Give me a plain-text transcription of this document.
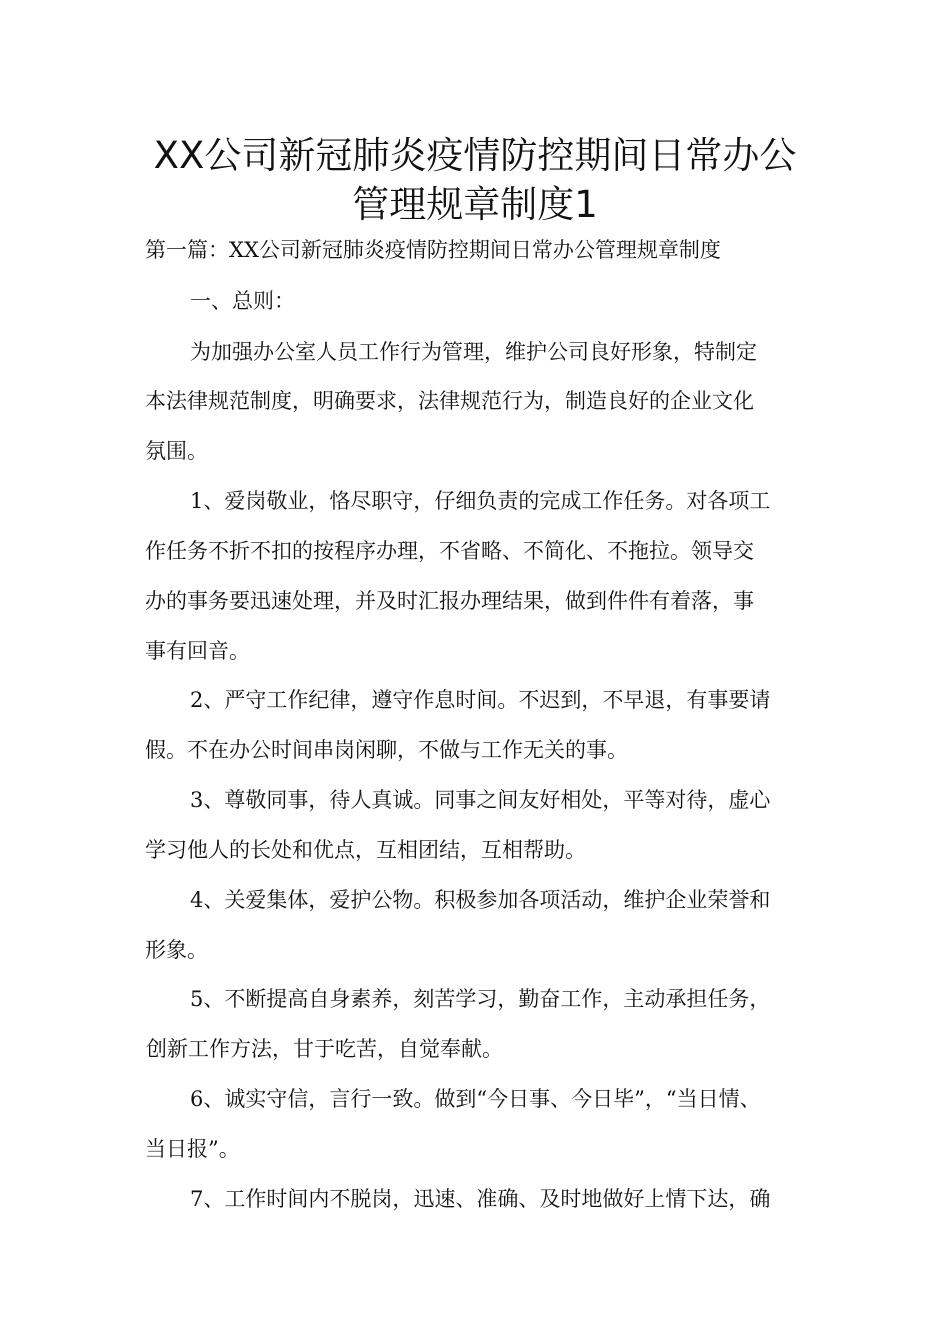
XX公司新冠肺炎疫情防控期间日常办公
管理规章制度1
第一篇：XX公司新冠肺炎疫情防控期间日常办公管理规章制度
一、总则：
为加强办公室人员工作行为管理，维护公司良好形象，特制定
本法律规范制度，明确要求，法律规范行为，制造良好的企业文化
氛围。
1、爱岗敬业，恪尽职守，仔细负责的完成工作任务。对各项工
作任务不折不扣的按程序办理，不省略、不简化、不拖拉。领导交
办的事务要迅速处理，并及时汇报办理结果，做到件件有着落，事
事有回音。
2、严守工作纪律，遵守作息时间。不迟到，不早退，有事要请
假。不在办公时间串岗闲聊，不做与工作无关的事。
3、尊敬同事，待人真诚。同事之间友好相处，平等对待，虚心
学习他人的长处和优点，互相团结，互相帮助。
4、关爱集体，爱护公物。积极参加各项活动，维护企业荣誉和
形象。
5、不断提高自身素养，刻苦学习，勤奋工作，主动承担任务，
创新工作方法，甘于吃苦，自觉奉献。
6、诚实守信，言行一致。做到“今日事、今日毕”，“当日情、
当日报”。
7、工作时间内不脱岗，迅速、准确、及时地做好上情下达，确
